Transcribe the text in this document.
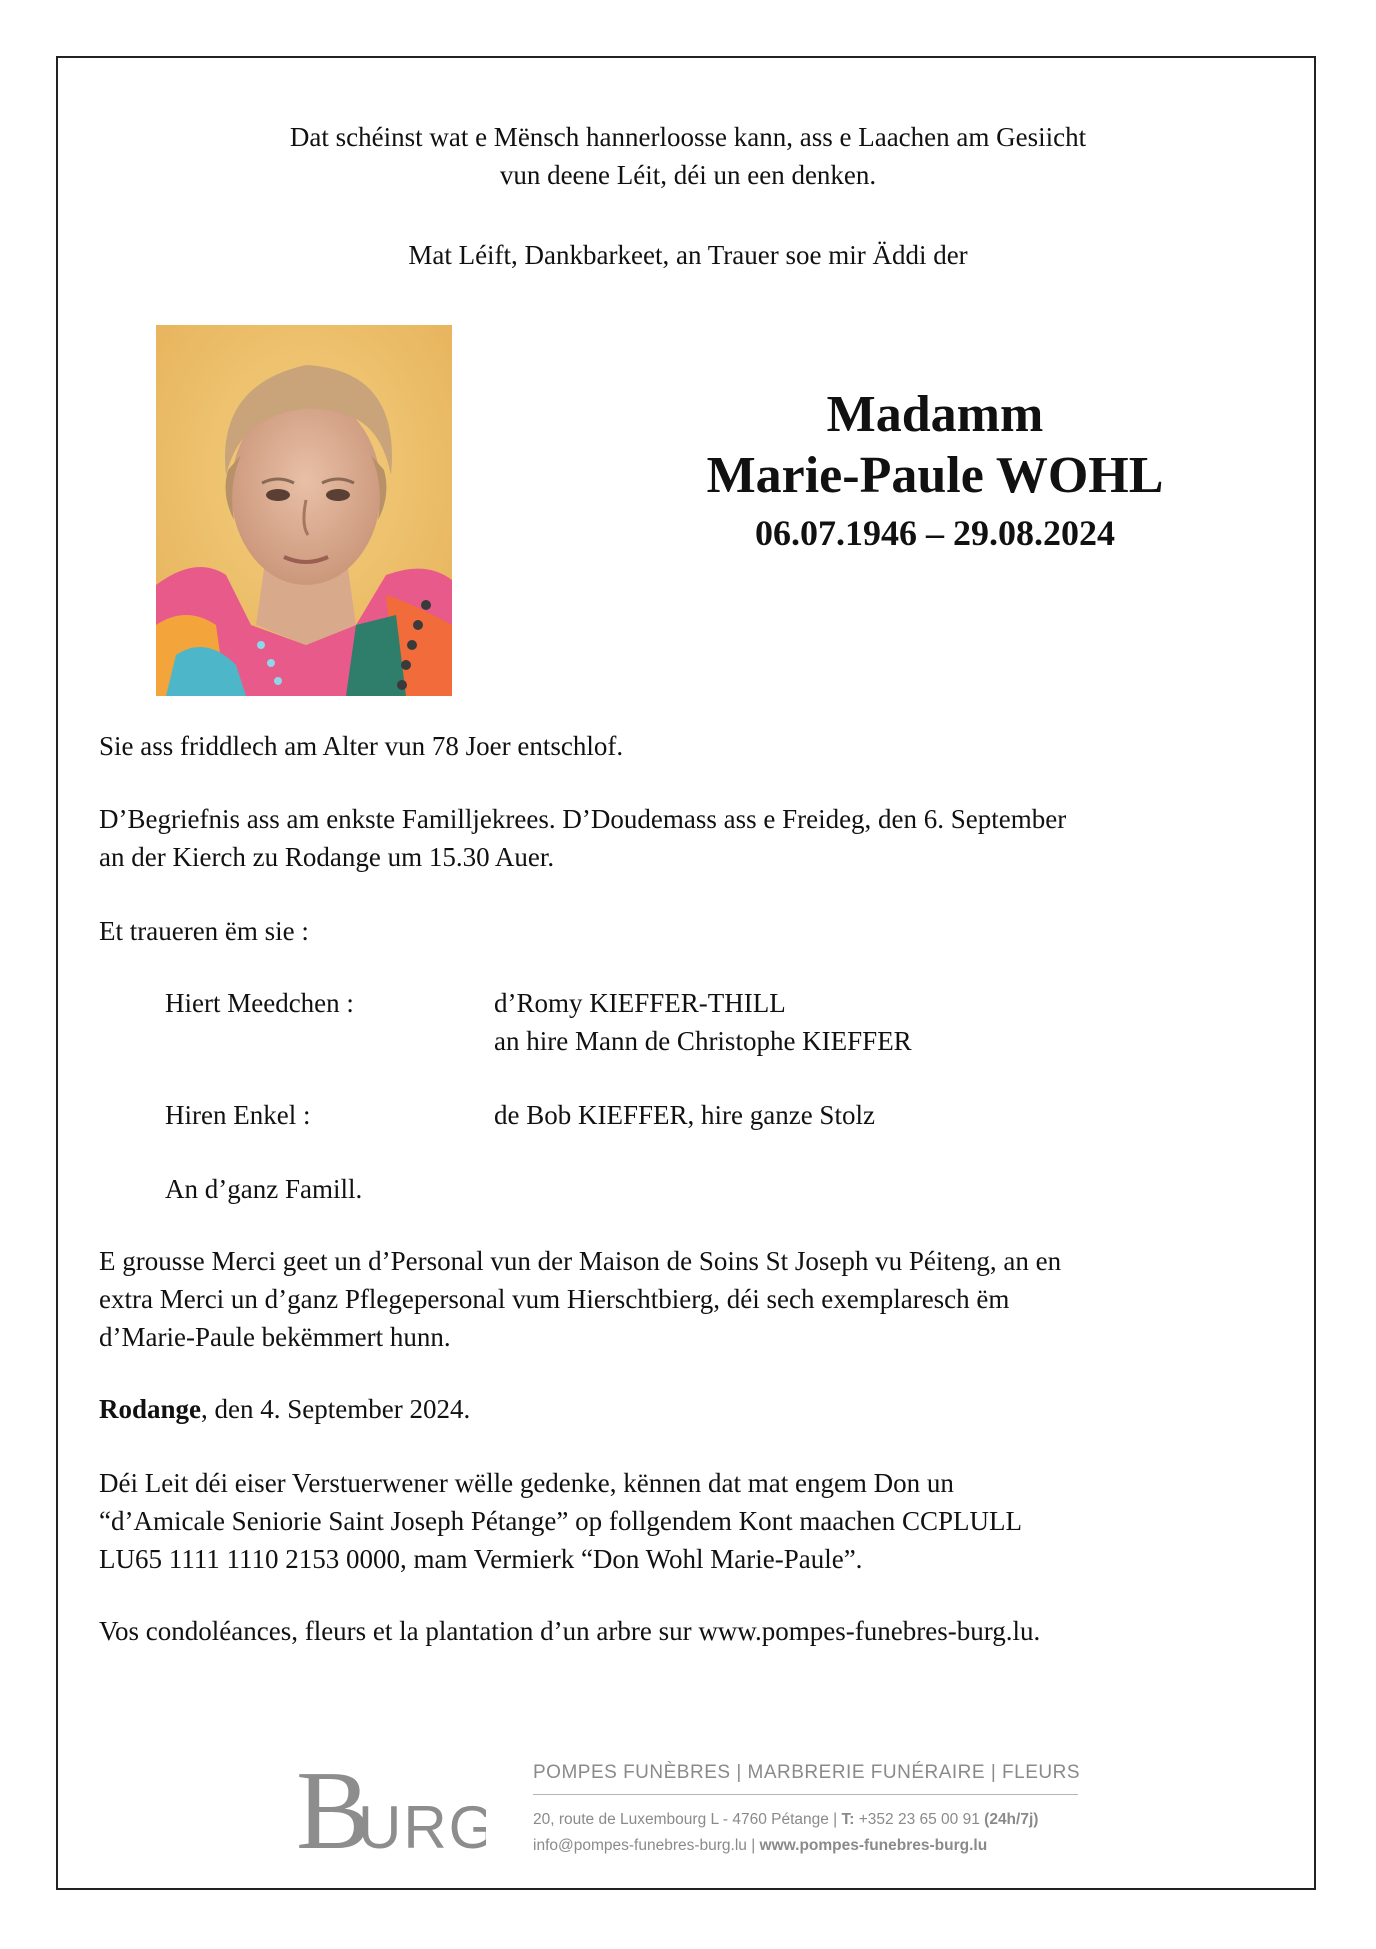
Dat schéinst wat e Mënsch hannerloosse kann, ass e Laachen am Gesiicht
vun deene Léit, déi un een denken.
Mat Léift, Dankbarkeet, an Trauer soe mir Äddi der
Madamm
Marie-Paule WOHL
06.07.1946 – 29.08.2024
Sie ass friddlech am Alter vun 78 Joer entschlof.
D’Begriefnis ass am enkste Familljekrees. D’Doudemass ass e Freideg, den 6. September
an der Kierch zu Rodange um 15.30 Auer.
Et traueren ëm sie :
Hiert Meedchen :	d’Romy KIEFFER-THILL
an hire Mann de Christophe KIEFFER
Hiren Enkel :	de Bob KIEFFER, hire ganze Stolz
An d’ganz Famill.
E grousse Merci geet un d’Personal vun der Maison de Soins St Joseph vu Péiteng, an en
extra Merci un d’ganz Pflegepersonal vum Hierschtbierg, déi sech exemplaresch ëm
d’Marie-Paule bekëmmert hunn.
Rodange, den 4. September 2024.
Déi Leit déi eiser Verstuerwener wëlle gedenke, kënnen dat mat engem Don un
“d’Amicale Seniorie Saint Joseph Pétange” op follgendem Kont maachen CCPLULL
LU65 1111 1110 2153 0000, mam Vermierk “Don Wohl Marie-Paule”.
Vos condoléances, fleurs et la plantation d’un arbre sur www.pompes-funebres-burg.lu.
B
URG
POMPES FUNÈBRES | MARBRERIE FUNÉRAIRE | FLEURS
20, route de Luxembourg L - 4760 Pétange | T: +352 23 65 00 91 (24h/7j)
info@pompes-funebres-burg.lu | www.pompes-funebres-burg.lu
